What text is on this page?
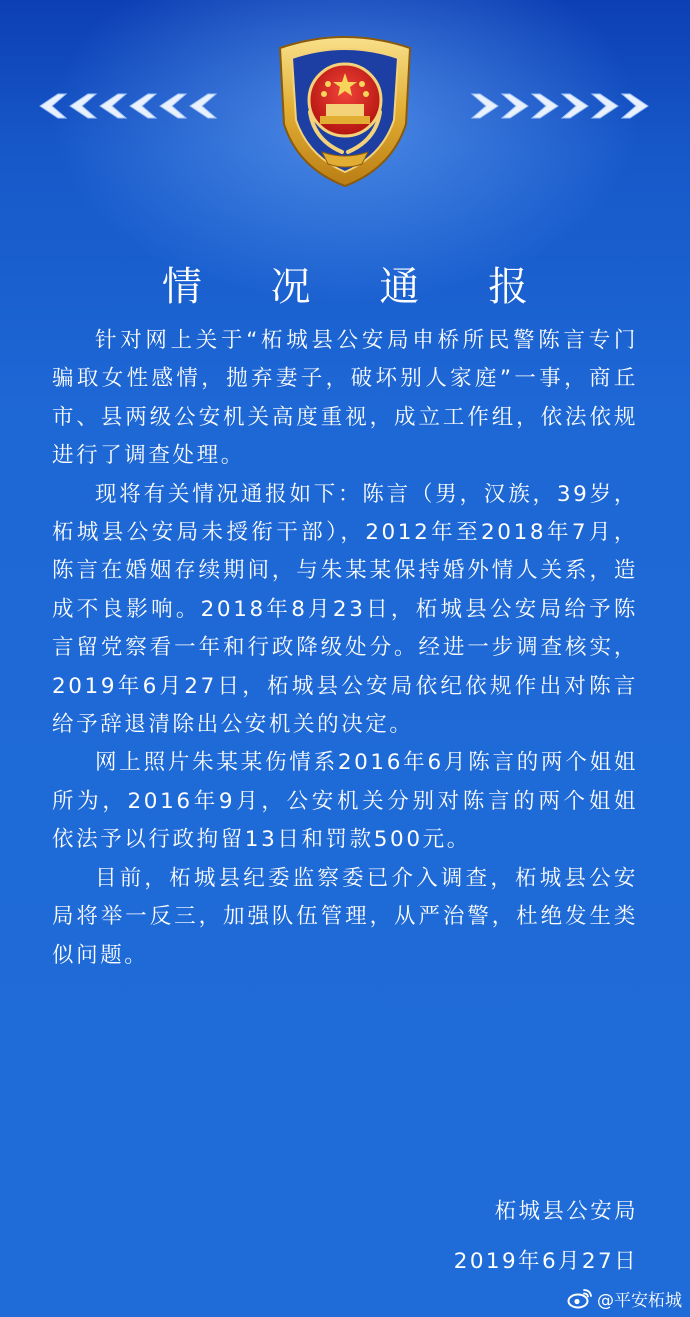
情 况 通 报

针对网上关于“柘城县公安局申桥所民警陈言专门骗取女性感情，抛弃妻子，破坏别人家庭”一事，商丘市、县两级公安机关高度重视，成立工作组，依法依规进行了调查处理。

现将有关情况通报如下：陈言（男，汉族，39岁，柘城县公安局未授衔干部），2012年至2018年7月，陈言在婚姻存续期间，与朱某某保持婚外情人关系，造成不良影响。2018年8月23日，柘城县公安局给予陈言留党察看一年和行政降级处分。经进一步调查核实，2019年6月27日，柘城县公安局依纪依规作出对陈言给予辞退清除出公安机关的决定。

网上照片朱某某伤情系2016年6月陈言的两个姐姐所为，2016年9月，公安机关分别对陈言的两个姐姐依法予以行政拘留13日和罚款500元。

目前，柘城县纪委监察委已介入调查，柘城县公安局将举一反三，加强队伍管理，从严治警，杜绝发生类似问题。

柘城县公安局
2019年6月27日
@平安柘城
